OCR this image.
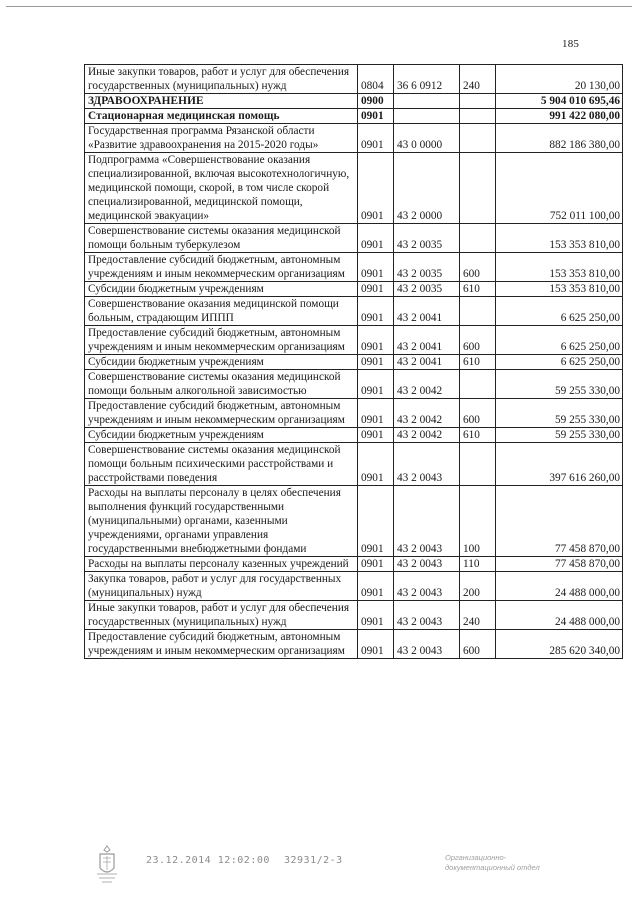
185
Иные закупки товаров, работ и услуг для обеспечения государственных (муниципальных) нужд	0804	36 6 0912	240	20 130,00
ЗДРАВООХРАНЕНИЕ	0900			5 904 010 695,46
Стационарная медицинская помощь	0901			991 422 080,00
Государственная программа Рязанской области «Развитие здравоохранения на 2015-2020 годы»	0901	43 0 0000		882 186 380,00
Подпрограмма «Совершенствование оказания специализированной, включая высокотехнологичную, медицинской помощи, скорой, в том числе скорой специализированной, медицинской помощи, медицинской эвакуации»	0901	43 2 0000		752 011 100,00
Совершенствование системы оказания медицинской помощи больным туберкулезом	0901	43 2 0035		153 353 810,00
Предоставление субсидий бюджетным, автономным учреждениям и иным некоммерческим организациям	0901	43 2 0035	600	153 353 810,00
Субсидии бюджетным учреждениям	0901	43 2 0035	610	153 353 810,00
Совершенствование оказания медицинской помощи больным, страдающим ИППП	0901	43 2 0041		6 625 250,00
Предоставление субсидий бюджетным, автономным учреждениям и иным некоммерческим организациям	0901	43 2 0041	600	6 625 250,00
Субсидии бюджетным учреждениям	0901	43 2 0041	610	6 625 250,00
Совершенствование системы оказания медицинской помощи больным алкогольной зависимостью	0901	43 2 0042		59 255 330,00
Предоставление субсидий бюджетным, автономным учреждениям и иным некоммерческим организациям	0901	43 2 0042	600	59 255 330,00
Субсидии бюджетным учреждениям	0901	43 2 0042	610	59 255 330,00
Совершенствование системы оказания медицинской помощи больным психическими расстройствами и расстройствами поведения	0901	43 2 0043		397 616 260,00
Расходы на выплаты персоналу в целях обеспечения выполнения функций государственными (муниципальными) органами, казенными учреждениями, органами управления государственными внебюджетными фондами	0901	43 2 0043	100	77 458 870,00
Расходы на выплаты персоналу казенных учреждений	0901	43 2 0043	110	77 458 870,00
Закупка товаров, работ и услуг для государственных (муниципальных) нужд	0901	43 2 0043	200	24 488 000,00
Иные закупки товаров, работ и услуг для обеспечения государственных (муниципальных) нужд	0901	43 2 0043	240	24 488 000,00
Предоставление субсидий бюджетным, автономным учреждениям и иным некоммерческим организациям	0901	43 2 0043	600	285 620 340,00
23.12.2014 12:02:00 32931/2-3	Организационно-
документационный отдел
